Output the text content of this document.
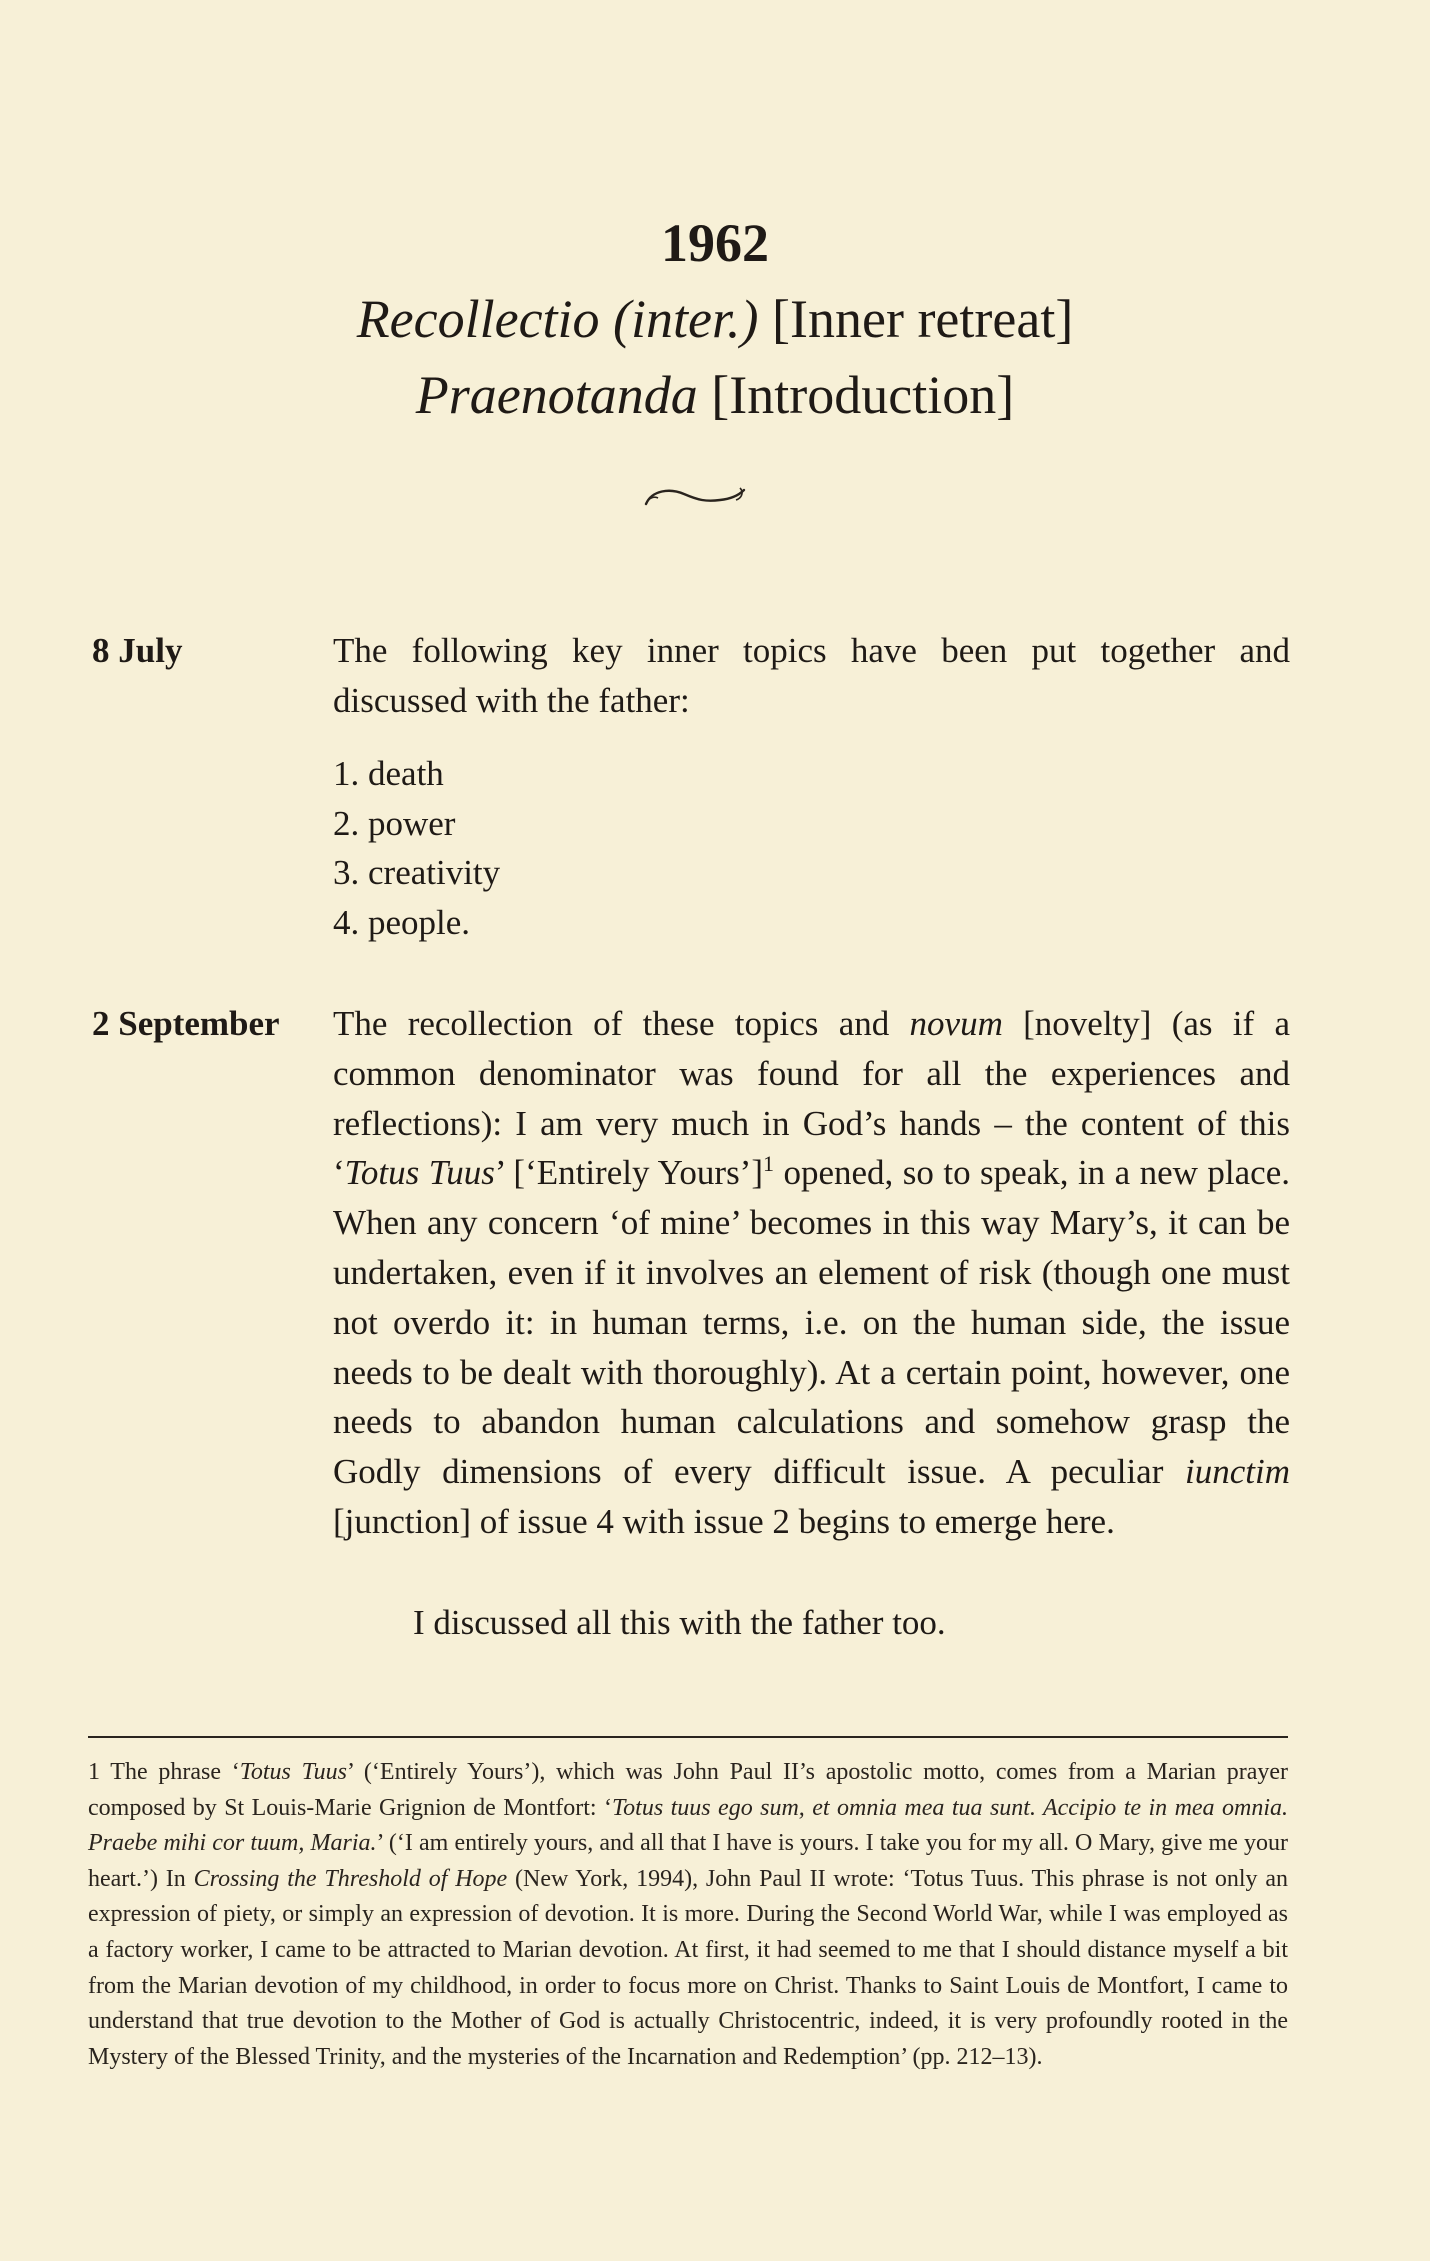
1962
Recollectio (inter.) [Inner retreat]
Praenotanda [Introduction]
8 July	The following key inner topics have been put together and discussed with the father:
1. death
2. power
3. creativity
4. people.
2 September The recollection of these topics and novum [novelty] (as if a common denominator was found for all the experiences and reflections): I am very much in God’s hands – the content of this ‘Totus Tuus’ [‘Entirely Yours’]$^1$ opened, so to speak, in a new place. When any concern ‘of mine’ becomes in this way Mary’s, it can be undertaken, even if it involves an element of risk (though one must not overdo it: in human terms, i.e. on the human side, the issue needs to be dealt with thoroughly). At a certain point, however, one needs to abandon human calculations and somehow grasp the Godly dimensions of every difficult issue. A peculiar iunctim [junction] of issue 4 with issue 2 begins to emerge here.
I discussed all this with the father too.
1 The phrase ‘Totus Tuus’ (‘Entirely Yours’), which was John Paul II’s apostolic motto, comes from a Marian prayer composed by St Louis-Marie Grignion de Montfort: ‘Totus tuus ego sum, et omnia mea tua sunt. Accipio te in mea omnia. Praebe mihi cor tuum, Maria.’ (‘I am entirely yours, and all that I have is yours. I take you for my all. O Mary, give me your heart.’) In Crossing the Threshold of Hope (New York, 1994), John Paul II wrote: ‘Totus Tuus. This phrase is not only an expression of piety, or simply an expression of devotion. It is more. During the Second World War, while I was employed as a factory worker, I came to be attracted to Marian devotion. At first, it had seemed to me that I should distance myself a bit from the Marian devotion of my childhood, in order to focus more on Christ. Thanks to Saint Louis de Montfort, I came to understand that true devotion to the Mother of God is actually Christocentric, indeed, it is very profoundly rooted in the Mystery of the Blessed Trinity, and the mysteries of the Incarnation and Redemption’ (pp. 212–13).
